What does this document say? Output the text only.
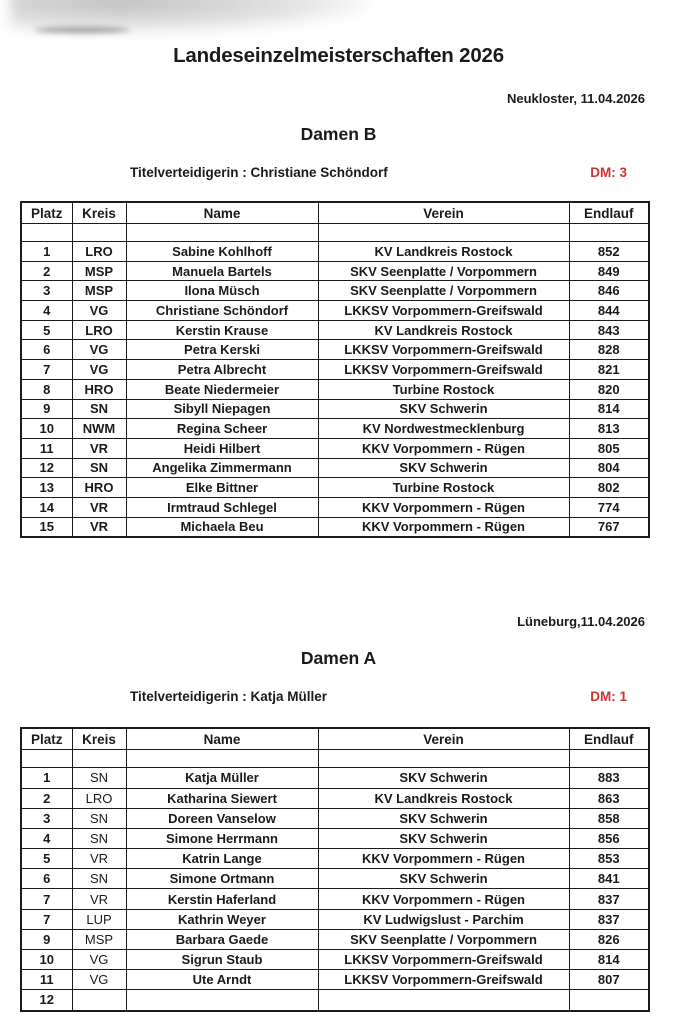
Landeseinzelmeisterschaften 2026
Neukloster, 11.04.2026
Damen B
Titelverteidigerin : Christiane Schöndorf	DM: 3
Platz	Kreis	Name	Verein	Endlauf

1	LRO	Sabine Kohlhoff	KV Landkreis Rostock	852
2	MSP	Manuela Bartels	SKV Seenplatte / Vorpommern	849
3	MSP	Ilona Müsch	SKV Seenplatte / Vorpommern	846
4	VG	Christiane Schöndorf	LKKSV Vorpommern-Greifswald	844
5	LRO	Kerstin Krause	KV Landkreis Rostock	843
6	VG	Petra Kerski	LKKSV Vorpommern-Greifswald	828
7	VG	Petra Albrecht	LKKSV Vorpommern-Greifswald	821
8	HRO	Beate Niedermeier	Turbine Rostock	820
9	SN	Sibyll Niepagen	SKV Schwerin	814
10	NWM	Regina Scheer	KV Nordwestmecklenburg	813
11	VR	Heidi Hilbert	KKV Vorpommern - Rügen	805
12	SN	Angelika Zimmermann	SKV Schwerin	804
13	HRO	Elke Bittner	Turbine Rostock	802
14	VR	Irmtraud Schlegel	KKV Vorpommern - Rügen	774
15	VR	Michaela Beu	KKV Vorpommern - Rügen	767
Lüneburg,11.04.2026
Damen A
Titelverteidigerin : Katja Müller	DM: 1
Platz	Kreis	Name	Verein	Endlauf

1	SN	Katja Müller	SKV Schwerin	883
2	LRO	Katharina Siewert	KV Landkreis Rostock	863
3	SN	Doreen Vanselow	SKV Schwerin	858
4	SN	Simone Herrmann	SKV Schwerin	856
5	VR	Katrin Lange	KKV Vorpommern - Rügen	853
6	SN	Simone Ortmann	SKV Schwerin	841
7	VR	Kerstin Haferland	KKV Vorpommern - Rügen	837
7	LUP	Kathrin Weyer	KV Ludwigslust - Parchim	837
9	MSP	Barbara Gaede	SKV Seenplatte / Vorpommern	826
10	VG	Sigrun Staub	LKKSV Vorpommern-Greifswald	814
11	VG	Ute Arndt	LKKSV Vorpommern-Greifswald	807
12				
